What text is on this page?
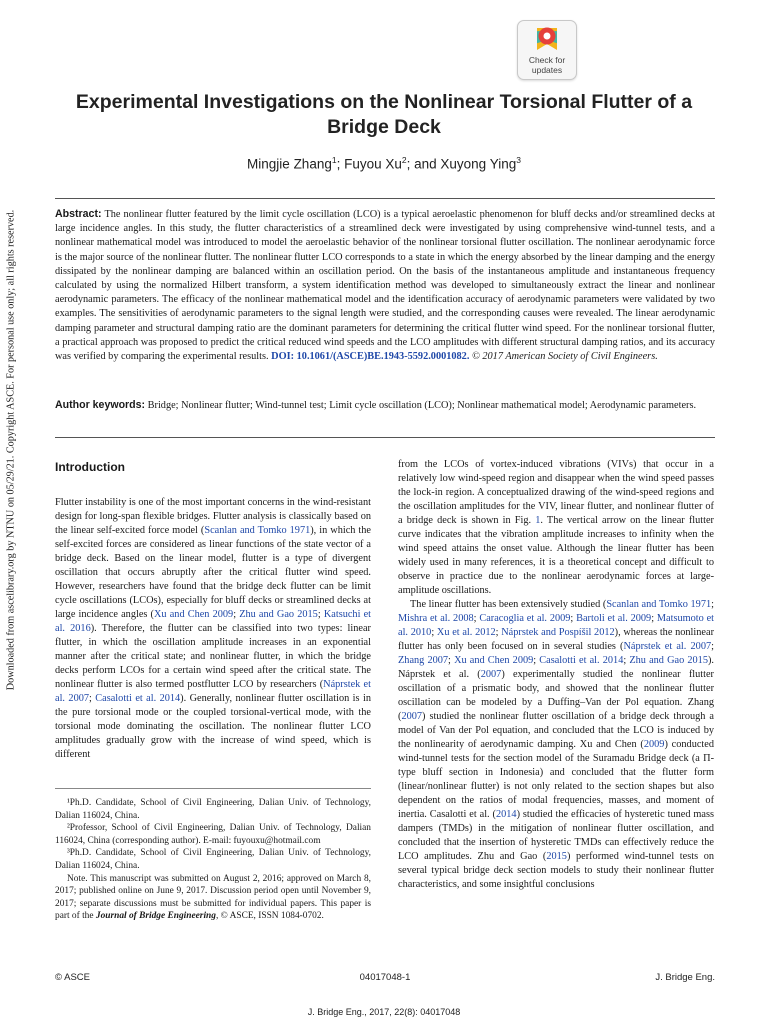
Downloaded from ascelibrary.org by NTNU on 05/29/21. Copyright ASCE. For personal use only; all rights reserved.
Check for
updates
Experimental Investigations on the Nonlinear Torsional Flutter of a Bridge Deck
Mingjie Zhang$^1$; Fuyou Xu$^2$; and Xuyong Ying$^3$

Abstract: The nonlinear flutter featured by the limit cycle oscillation (LCO) is a typical aeroelastic phenomenon for bluff decks and/or streamlined decks at large incidence angles. In this study, the flutter characteristics of a streamlined deck were investigated by using comprehensive wind-tunnel tests, and a nonlinear mathematical model was introduced to model the aeroelastic behavior of the nonlinear torsional flutter oscillation. The nonlinear aerodynamic force is the major source of the nonlinear flutter. The nonlinear flutter LCO corresponds to a state in which the energy absorbed by the linear damping and the energy dissipated by the nonlinear damping are balanced within an oscillation period. On the basis of the instantaneous amplitude and instantaneous frequency calculated by using the normalized Hilbert transform, a system identification method was developed to simultaneously extract the linear and nonlinear aerodynamic parameters. The efficacy of the nonlinear mathematical model and the identification accuracy of aerodynamic parameters were validated by two examples. The sensitivities of aerodynamic parameters to the signal length were studied, and the corresponding causes were revealed. The linear aerodynamic damping parameter and structural damping ratio are the dominant parameters for determining the critical flutter wind speed. For the nonlinear torsional flutter, a practical approach was proposed to predict the critical reduced wind speeds and the LCO amplitudes with different structural damping ratios, and its accuracy was verified by comparing the experimental results. DOI: 10.1061/(ASCE)BE.1943-5592.0001082. © 2017 American Society of Civil Engineers.

Author keywords: Bridge; Nonlinear flutter; Wind-tunnel test; Limit cycle oscillation (LCO); Nonlinear mathematical model; Aerodynamic parameters.

Introduction

Flutter instability is one of the most important concerns in the wind-resistant design for long-span flexible bridges. Flutter analysis is classically based on the linear self-excited force model (Scanlan and Tomko 1971), in which the self-excited forces are considered as linear functions of the state vector of a bridge deck. Based on the linear model, flutter is a type of divergent oscillation that occurs abruptly after the critical flutter wind speed. However, researchers have found that the bridge deck flutter can be limit cycle oscillations (LCOs), especially for bluff decks or streamlined decks at large incidence angles (Xu and Chen 2009; Zhu and Gao 2015; Katsuchi et al. 2016). Therefore, the flutter can be classified into two types: linear flutter, in which the oscillation amplitude increases in an exponential manner after the critical state; and nonlinear flutter, in which the bridge decks perform LCOs for a certain wind speed after the critical state. The nonlinear flutter is also termed postflutter LCO by researchers (Náprstek et al. 2007; Casalotti et al. 2014). Generally, nonlinear flutter oscillation is in the pure torsional mode or the coupled torsional-vertical mode, with the torsional mode dominating the oscillation. The nonlinear flutter LCO amplitudes gradually grow with the increase of wind speed, which is different

from the LCOs of vortex-induced vibrations (VIVs) that occur in a relatively low wind-speed region and disappear when the wind speed passes the lock-in region. A conceptualized drawing of the wind-speed regions and the oscillation amplitudes for the VIV, linear flutter, and nonlinear flutter of a bridge deck is shown in Fig. 1. The vertical arrow on the linear flutter curve indicates that the vibration amplitude increases to infinity when the wind speed attains the onset value. Although the linear flutter has been widely used in many references, it is a theoretical concept and difficult to observe in practice due to the nonlinear aerodynamic forces at large-amplitude oscillations.

The linear flutter has been extensively studied (Scanlan and Tomko 1971; Mishra et al. 2008; Caracoglia et al. 2009; Bartoli et al. 2009; Matsumoto et al. 2010; Xu et al. 2012; Náprstek and Pospíšil 2012), whereas the nonlinear flutter has only been focused on in several studies (Náprstek et al. 2007; Zhang 2007; Xu and Chen 2009; Casalotti et al. 2014; Zhu and Gao 2015). Náprstek et al. (2007) experimentally studied the nonlinear flutter oscillation of a prismatic body, and showed that the nonlinear flutter oscillation can be modeled by a Duffing–Van der Pol equation. Zhang (2007) studied the nonlinear flutter oscillation of a bridge deck through a model of Van der Pol equation, and concluded that the LCO is induced by the nonlinearity of aerodynamic damping. Xu and Chen (2009) conducted wind-tunnel tests for the section model of the Suramadu Bridge deck (a Π-type bluff section in Indonesia) and concluded that the flutter form (linear/nonlinear flutter) is not only related to the section shapes but also dependent on the ratios of modal frequencies, masses, and moment of inertia. Casalotti et al. (2014) studied the efficacies of hysteretic tuned mass dampers (TMDs) in the mitigation of nonlinear flutter oscillation, and concluded that the insertion of hysteretic TMDs can effectively reduce the LCO amplitudes. Zhu and Gao (2015) performed wind-tunnel tests on several typical bridge deck section models to study their nonlinear flutter characteristics, and some insightful conclusions

¹Ph.D. Candidate, School of Civil Engineering, Dalian Univ. of Technology, Dalian 116024, China.

²Professor, School of Civil Engineering, Dalian Univ. of Technology, Dalian 116024, China (corresponding author). E-mail: fuyouxu@hotmail.com

³Ph.D. Candidate, School of Civil Engineering, Dalian Univ. of Technology, Dalian 116024, China.

Note. This manuscript was submitted on August 2, 2016; approved on March 8, 2017; published online on June 9, 2017. Discussion period open until November 9, 2017; separate discussions must be submitted for individual papers. This paper is part of the Journal of Bridge Engineering, © ASCE, ISSN 1084-0702.

© ASCE	04017048-1	J. Bridge Eng.
J. Bridge Eng., 2017, 22(8): 04017048
